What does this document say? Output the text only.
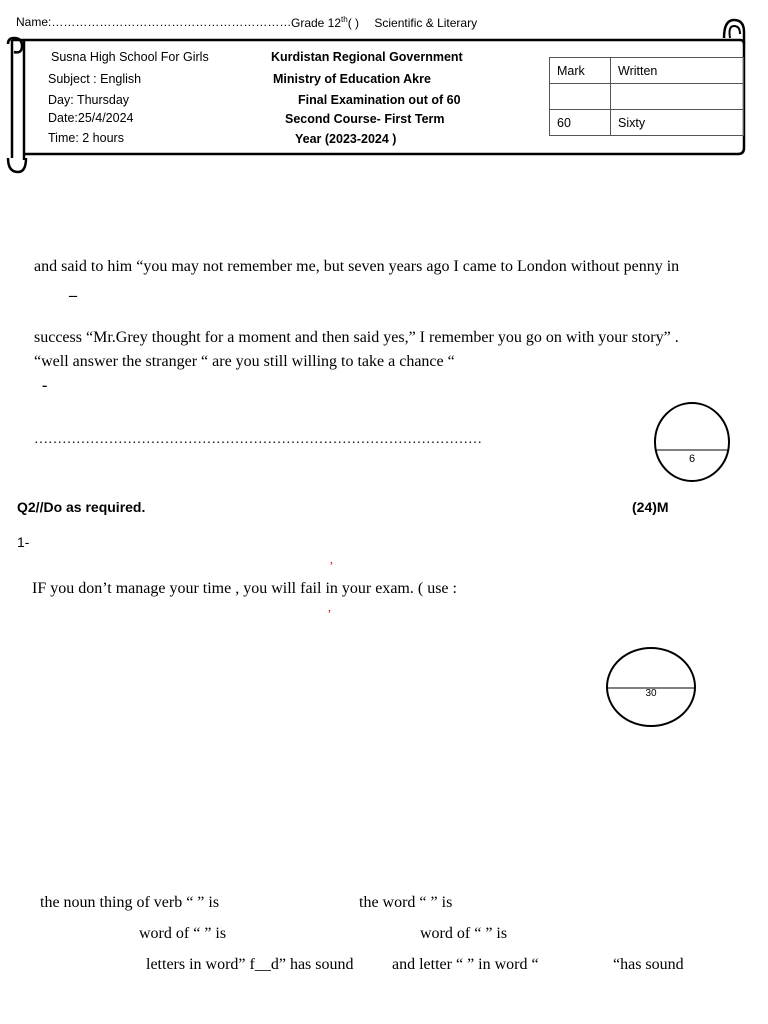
Name:…………………………………………………… Grade 12th( ) Scientific & Literary
Susna High School For Girls
Subject : English
Day: Thursday
Date:25/4/2024
Time: 2 hours
Kurdistan Regional Government
Ministry of Education Akre
Final Examination out of 60
Second Course- First Term
Year (2023-2024 )
Mark	Written

60	Sixty
and said to him “you may not remember me, but seven years ago I came to London without penny in
–
success “Mr.Grey thought for a moment and then said yes,” I remember you go on with your story” .
“well answer the stranger “ are you still willing to take a chance “
-
……………………………………………………………………………………
6
Q2//Do as required.	(24)M
1-
,
IF you don’t manage your time , you will fail in your exam. ( use :
,
30
the noun thing of verb “ ” is	the word “ ” is
word of “ ” is	word of “ ” is
letters in word” f__d” has sound and letter “ ” in word “	“has sound
